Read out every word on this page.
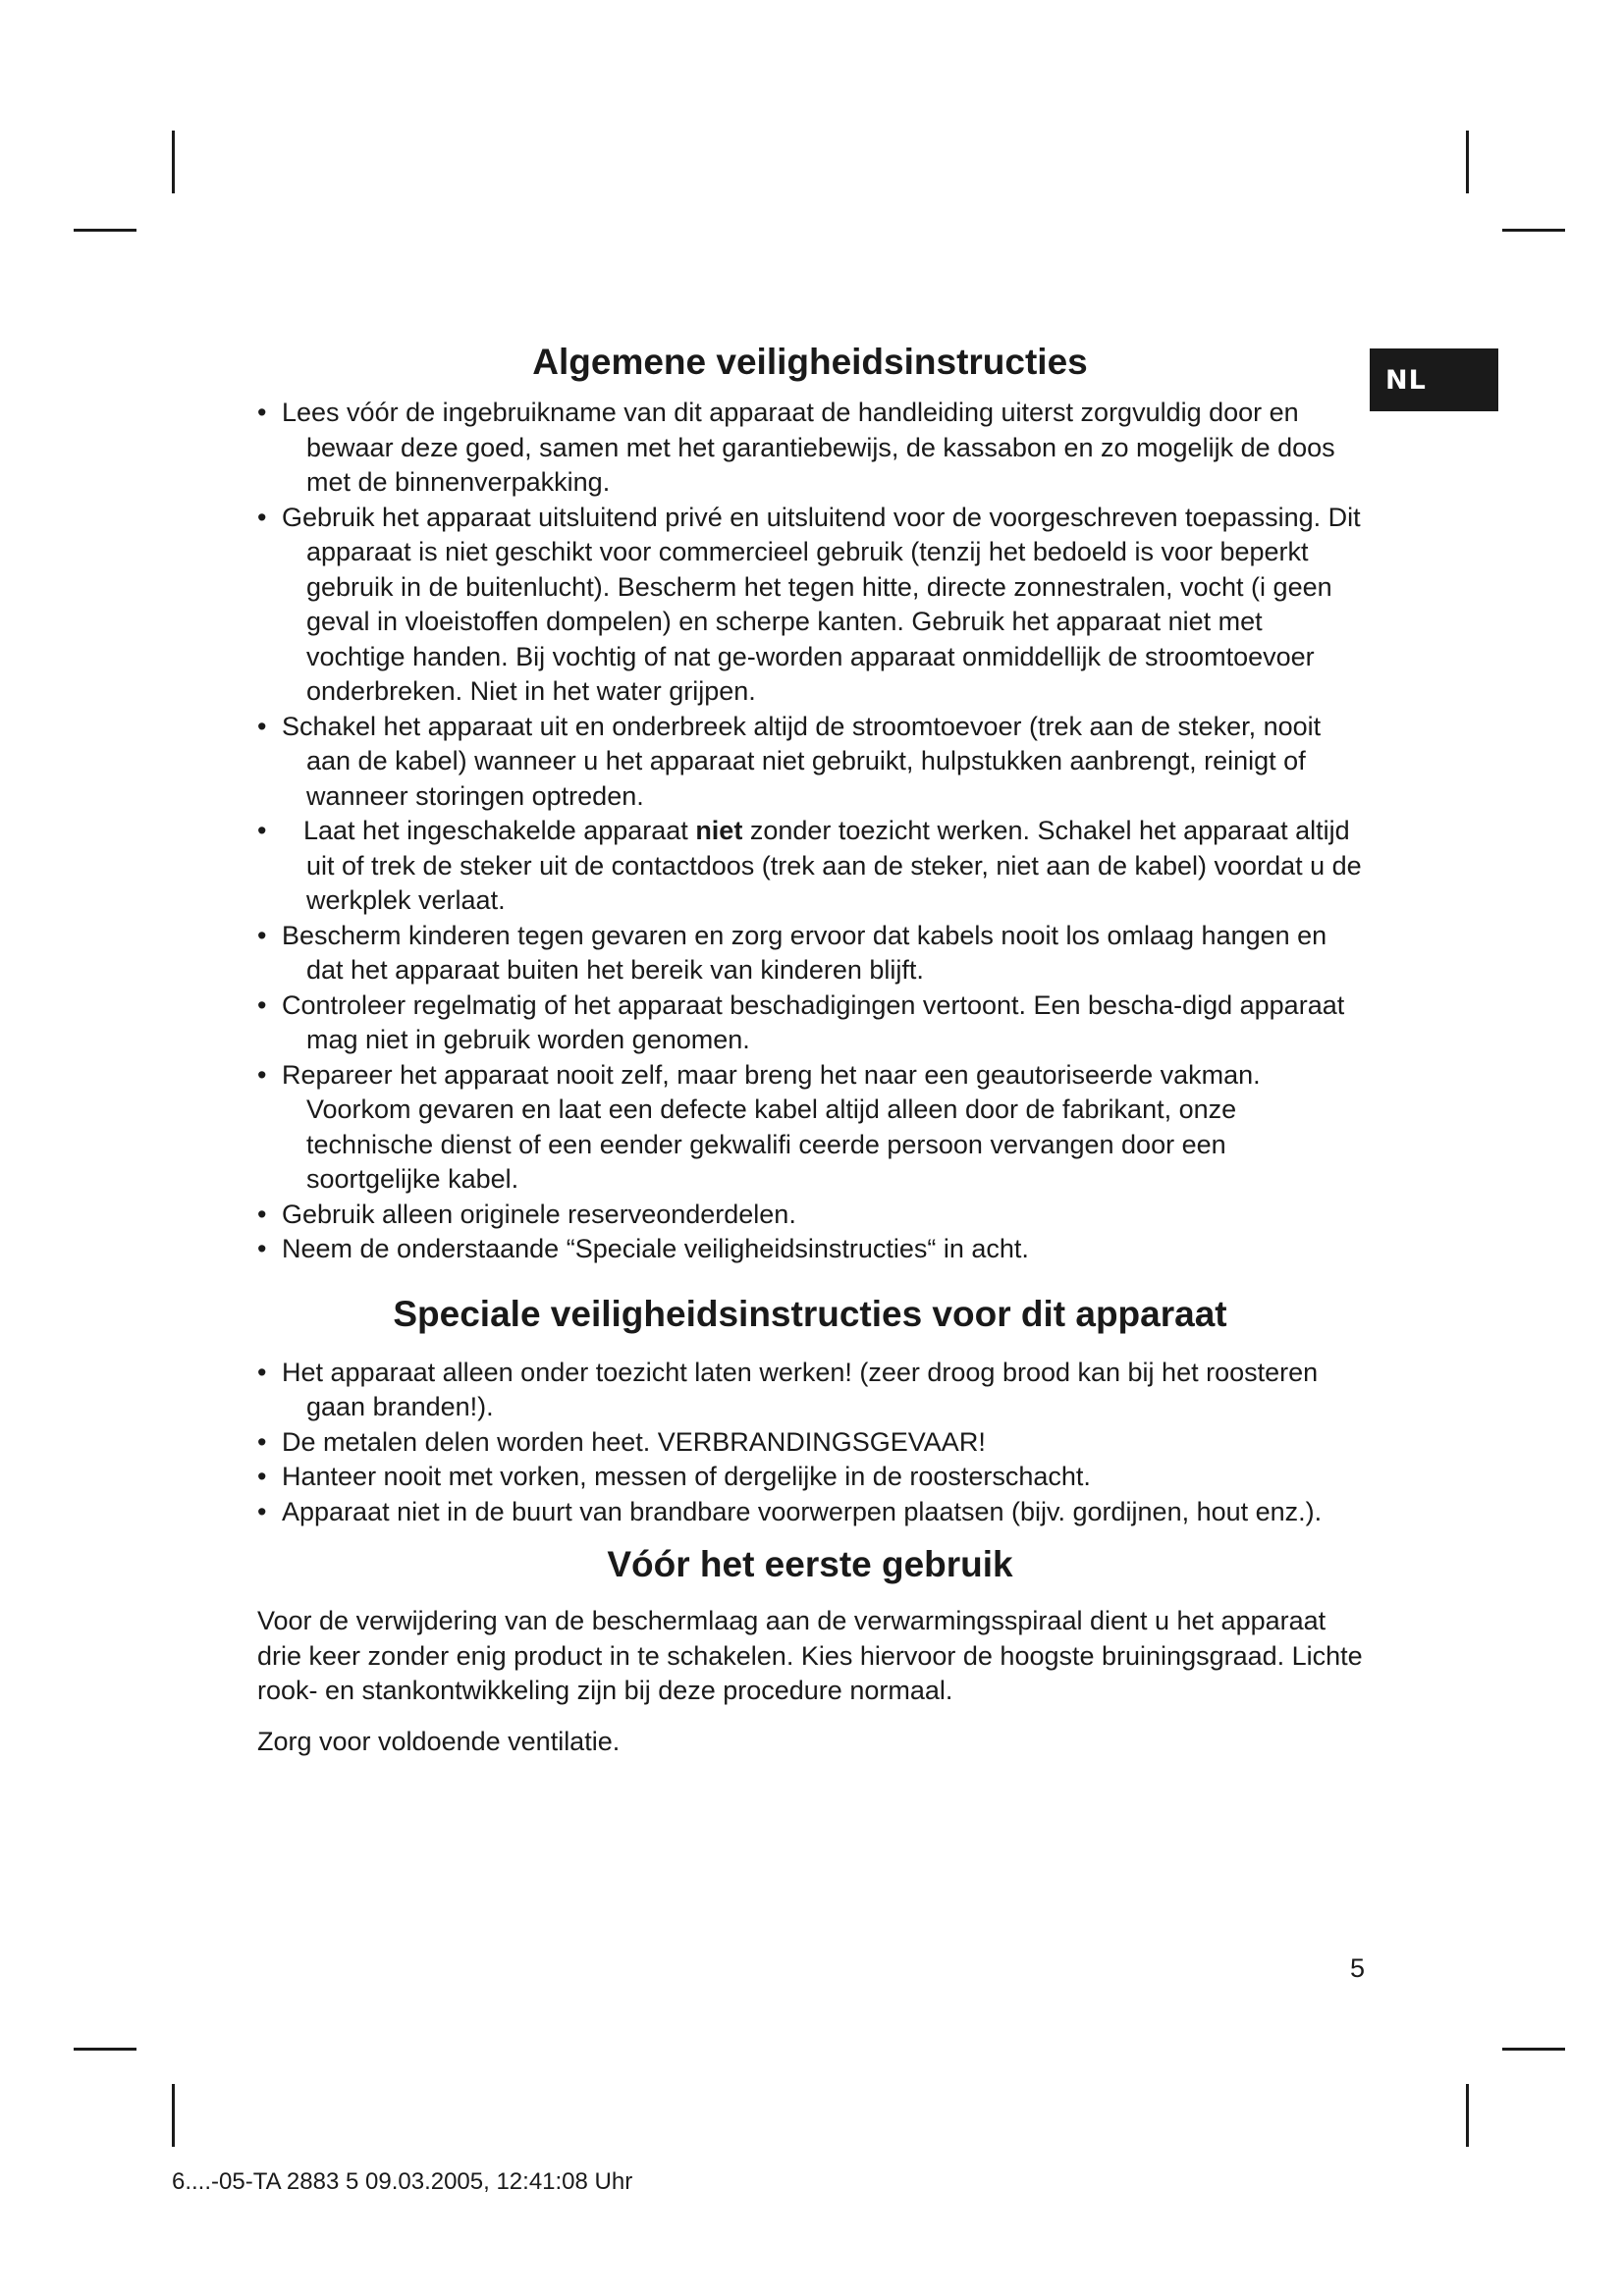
NL
Algemene veiligheidsinstructies
• Lees vóór de ingebruikname van dit apparaat de handleiding uiterst zorgvuldig door en bewaar deze goed, samen met het garantiebewijs, de kassabon en zo mogelijk de doos met de binnenverpakking.
• Gebruik het apparaat uitsluitend privé en uitsluitend voor de voorgeschreven toepassing. Dit apparaat is niet geschikt voor commercieel gebruik (tenzij het bedoeld is voor beperkt gebruik in de buitenlucht). Bescherm het tegen hitte, directe zonnestralen, vocht (i geen geval in vloeistoffen dompelen) en scherpe kanten. Gebruik het apparaat niet met vochtige handen. Bij vochtig of nat ge-worden apparaat onmiddellijk de stroomtoevoer onderbreken. Niet in het water grijpen.
• Schakel het apparaat uit en onderbreek altijd de stroomtoevoer (trek aan de steker, nooit aan de kabel) wanneer u het apparaat niet gebruikt, hulpstukken aanbrengt, reinigt of wanneer storingen optreden.
• Laat het ingeschakelde apparaat niet zonder toezicht werken. Schakel het apparaat altijd uit of trek de steker uit de contactdoos (trek aan de steker, niet aan de kabel) voordat u de werkplek verlaat.
• Bescherm kinderen tegen gevaren en zorg ervoor dat kabels nooit los omlaag hangen en dat het apparaat buiten het bereik van kinderen blijft.
• Controleer regelmatig of het apparaat beschadigingen vertoont. Een bescha-digd apparaat mag niet in gebruik worden genomen.
• Repareer het apparaat nooit zelf, maar breng het naar een geautoriseerde vakman. Voorkom gevaren en laat een defecte kabel altijd alleen door de fabrikant, onze technische dienst of een eender gekwalifi ceerde persoon vervangen door een soortgelijke kabel.
• Gebruik alleen originele reserveonderdelen.
• Neem de onderstaande “Speciale veiligheidsinstructies“ in acht.
Speciale veiligheidsinstructies voor dit apparaat
• Het apparaat alleen onder toezicht laten werken! (zeer droog brood kan bij het roosteren gaan branden!).
• De metalen delen worden heet. VERBRANDINGSGEVAAR!
• Hanteer nooit met vorken, messen of dergelijke in de roosterschacht.
• Apparaat niet in de buurt van brandbare voorwerpen plaatsen (bijv. gordijnen, hout enz.).
Vóór het eerste gebruik

Voor de verwijdering van de beschermlaag aan de verwarmingsspiraal dient u het apparaat drie keer zonder enig product in te schakelen. Kies hiervoor de hoogste bruiningsgraad. Lichte rook- en stankontwikkeling zijn bij deze procedure normaal.

Zorg voor voldoende ventilatie.

5
6....-05-TA 2883 5 09.03.2005, 12:41:08 Uhr
